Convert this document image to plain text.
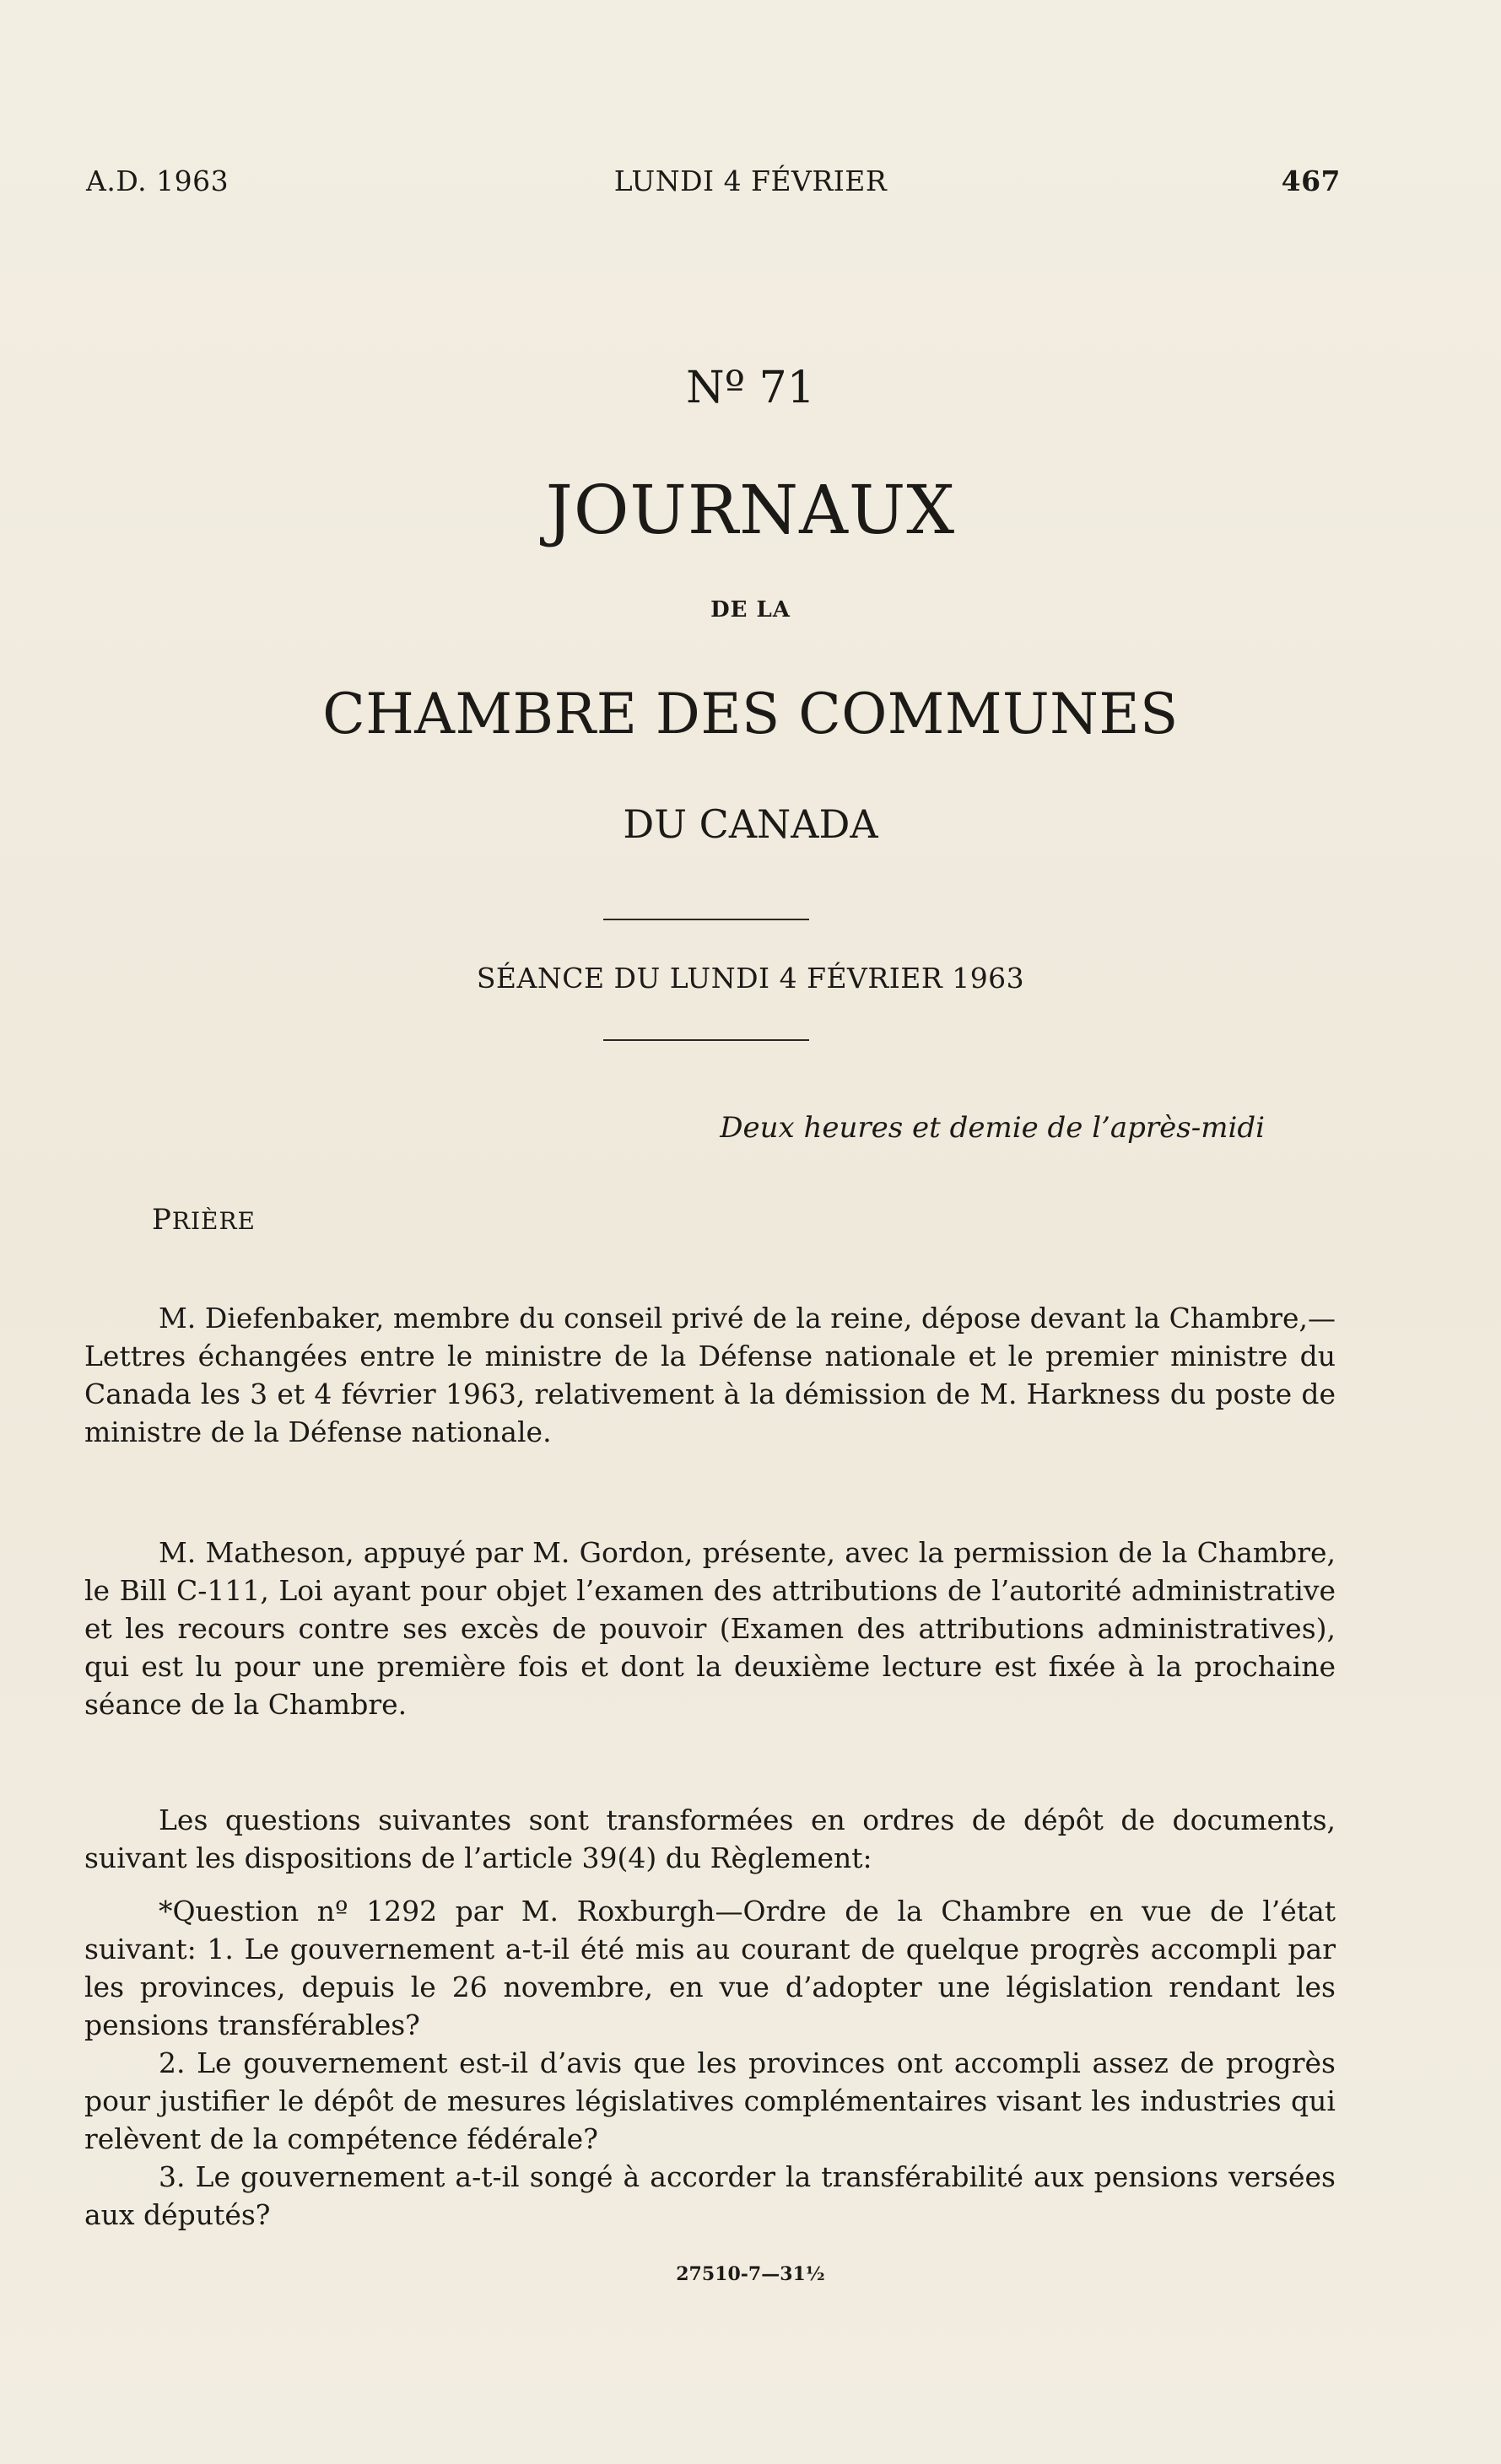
A.D. 1963	LUNDI 4 FÉVRIER	467
Nº 71
JOURNAUX
DE LA
CHAMBRE DES COMMUNES
DU CANADA
SÉANCE DU LUNDI 4 FÉVRIER 1963
Deux heures et demie de l’après-midi
PRIÈRE

M. Diefenbaker, membre du conseil privé de la reine, dépose devant la Chambre,—Lettres échangées entre le ministre de la Défense nationale et le premier ministre du Canada les 3 et 4 février 1963, relativement à la démission de M. Harkness du poste de ministre de la Défense nationale.

M. Matheson, appuyé par M. Gordon, présente, avec la permission de la Chambre, le Bill C-111, Loi ayant pour objet l’examen des attributions de l’autorité administrative et les recours contre ses excès de pouvoir (Examen des attributions administratives), qui est lu pour une première fois et dont la deuxième lecture est fixée à la prochaine séance de la Chambre.

Les questions suivantes sont transformées en ordres de dépôt de documents, suivant les dispositions de l’article 39(4) du Règlement:

*Question nº 1292 par M. Roxburgh—Ordre de la Chambre en vue de l’état suivant: 1. Le gouvernement a-t-il été mis au courant de quelque progrès accompli par les provinces, depuis le 26 novembre, en vue d’adopter une législation rendant les pensions transférables?

2. Le gouvernement est-il d’avis que les provinces ont accompli assez de progrès pour justifier le dépôt de mesures législatives complémentaires visant les industries qui relèvent de la compétence fédérale?

3. Le gouvernement a-t-il songé à accorder la transférabilité aux pensions versées aux députés?

27510-7—31½
